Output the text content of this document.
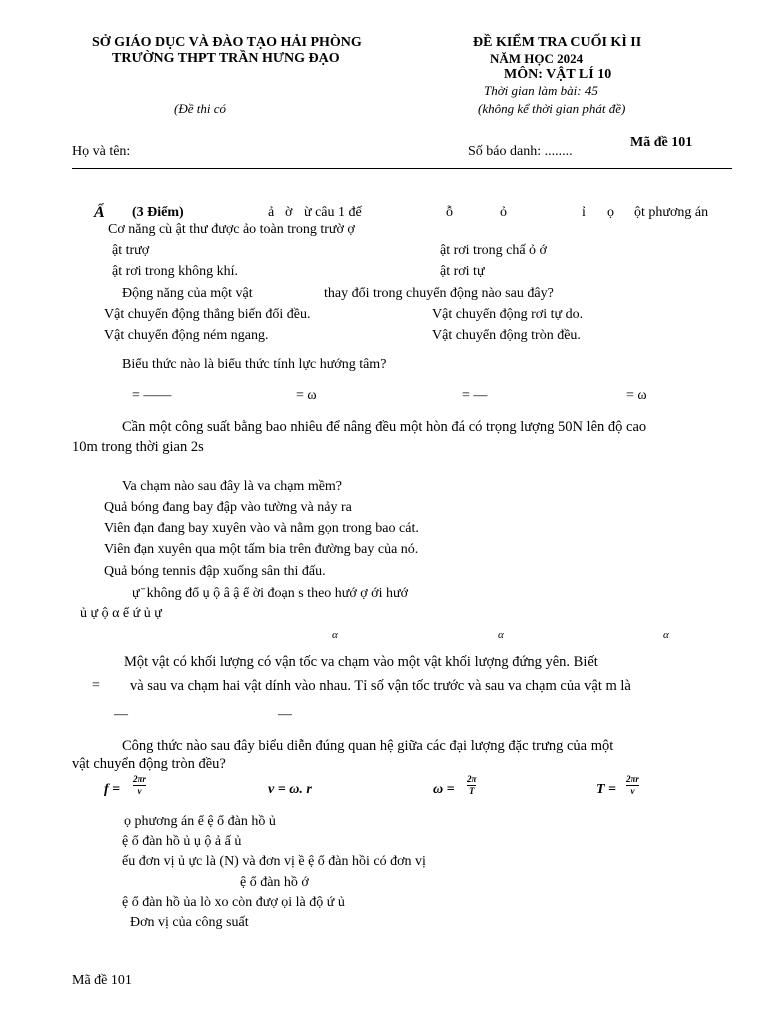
SỞ GIÁO DỤC VÀ ĐÀO TẠO HẢI PHÒNG
TRƯỜNG THPT TRẦN HƯNG ĐẠO
ĐỀ KIỂM TRA CUỐI KÌ II
NĂM HỌC 2024
MÔN: VẬT LÍ 10
Thời gian làm bài: 45
(không kể thời gian phát đề)
(Đề thi có
Mã đề 101
Họ và tên:	Số báo danh: ........
Ẩ (3 Điểm)	ả ờ ừ câu 1 đế	ỗ	ỏ	ỉ ọ ột phương án
Cơ năng cù ật thư được ảo toàn trong trườ ợ
ật trượ	ật rơi trong chấ ỏ ớ
ật rơi trong không khí.	ật rơi tự
Động năng của một vật	thay đổi trong chuyển động nào sau đây?
Vật chuyển động thẳng biến đổi đều.	Vật chuyển động rơi tự do.
Vật chuyển động ném ngang.	Vật chuyển động tròn đều.
Biểu thức nào là biểu thức tính lực hướng tâm?
= ——	= ω	= —	= ω
Cần một công suất bằng bao nhiêu để nâng đều một hòn đá có trọng lượng 50N lên độ cao
10m trong thời gian 2s
Va chạm nào sau đây là va chạm mềm?
Quả bóng đang bay đập vào tường và nảy ra
Viên đạn đang bay xuyên vào và nằm gọn trong bao cát.
Viên đạn xuyên qua một tấm bia trên đường bay của nó.
Quả bóng tennis đập xuống sân thi đấu.
ự ̄ không đổ ụ ộ â ậ ể ời đoạn s theo hướ ợ ới hướ
ủ ự ộ α ể ứ ủ ự
α	α	α
Một vật có khối lượng có vận tốc va chạm vào một vật khối lượng đứng yên. Biết
= và sau va chạm hai vật dính vào nhau. Tỉ số vận tốc trước và sau va chạm của vật m là
—	—
Công thức nào sau đây biểu diễn đúng quan hệ giữa các đại lượng đặc trưng của một
vật chuyển động tròn đều?
$f = \frac{2\pi r}{v}$	v = ω. r	$\omega = \frac{2\pi}{T}$	$T = \frac{2\pi r}{v}$
ọ phương án ể ệ ổ đàn hồ ủ
ệ ổ đàn hồ ủ ụ ộ ả ấ ủ
ếu đơn vị ủ ực là (N) và đơn vị ề ệ ổ đàn hồi có đơn vị
ệ ổ đàn hồ ớ
ệ ổ đàn hồ ủa lò xo còn đượ ọi là độ ứ ủ
Đơn vị của công suất
Mã đề 101
